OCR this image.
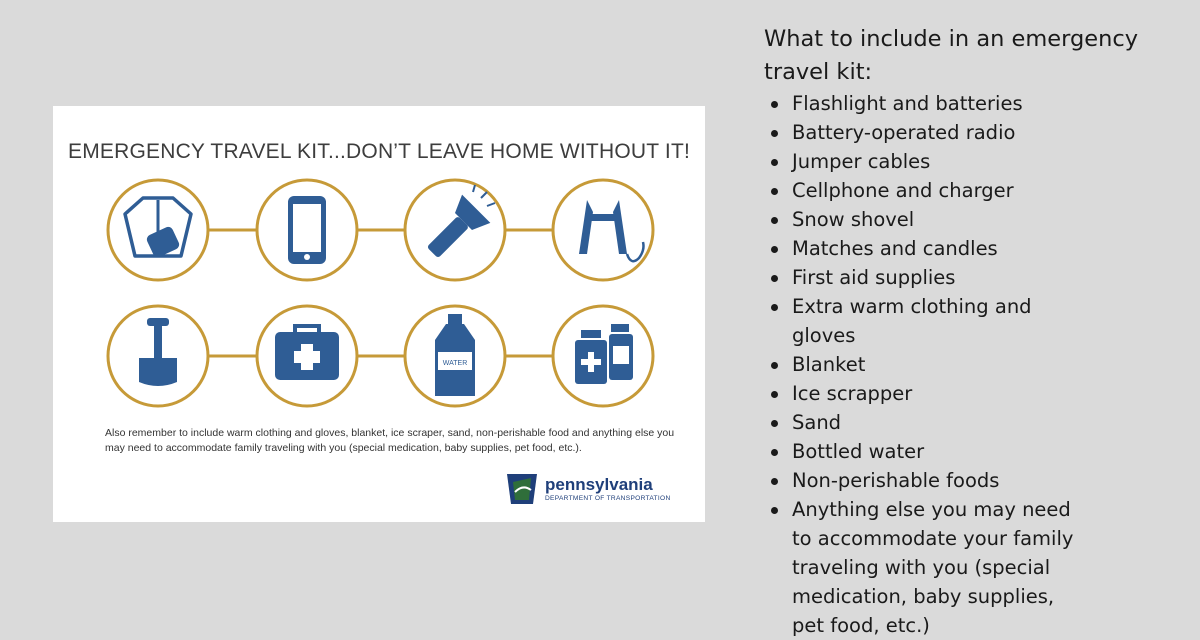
EMERGENCY TRAVEL KIT...DON’T LEAVE HOME WITHOUT IT!
WATER
Also remember to include warm clothing and gloves, blanket, ice scraper, sand, non-perishable food and anything else you may need to accommodate family traveling with you (special medication, baby supplies, pet food, etc.).
pennsylvania
DEPARTMENT OF TRANSPORTATION
What to include in an emergency travel kit:
Flashlight and batteries
Battery-operated radio
Jumper cables
Cellphone and charger
Snow shovel
Matches and candles
First aid supplies
Extra warm clothing and gloves
Blanket
Ice scrapper
Sand
Bottled water
Non-perishable foods
Anything else you may need to accommodate your family traveling with you (special medication, baby supplies, pet food, etc.)
